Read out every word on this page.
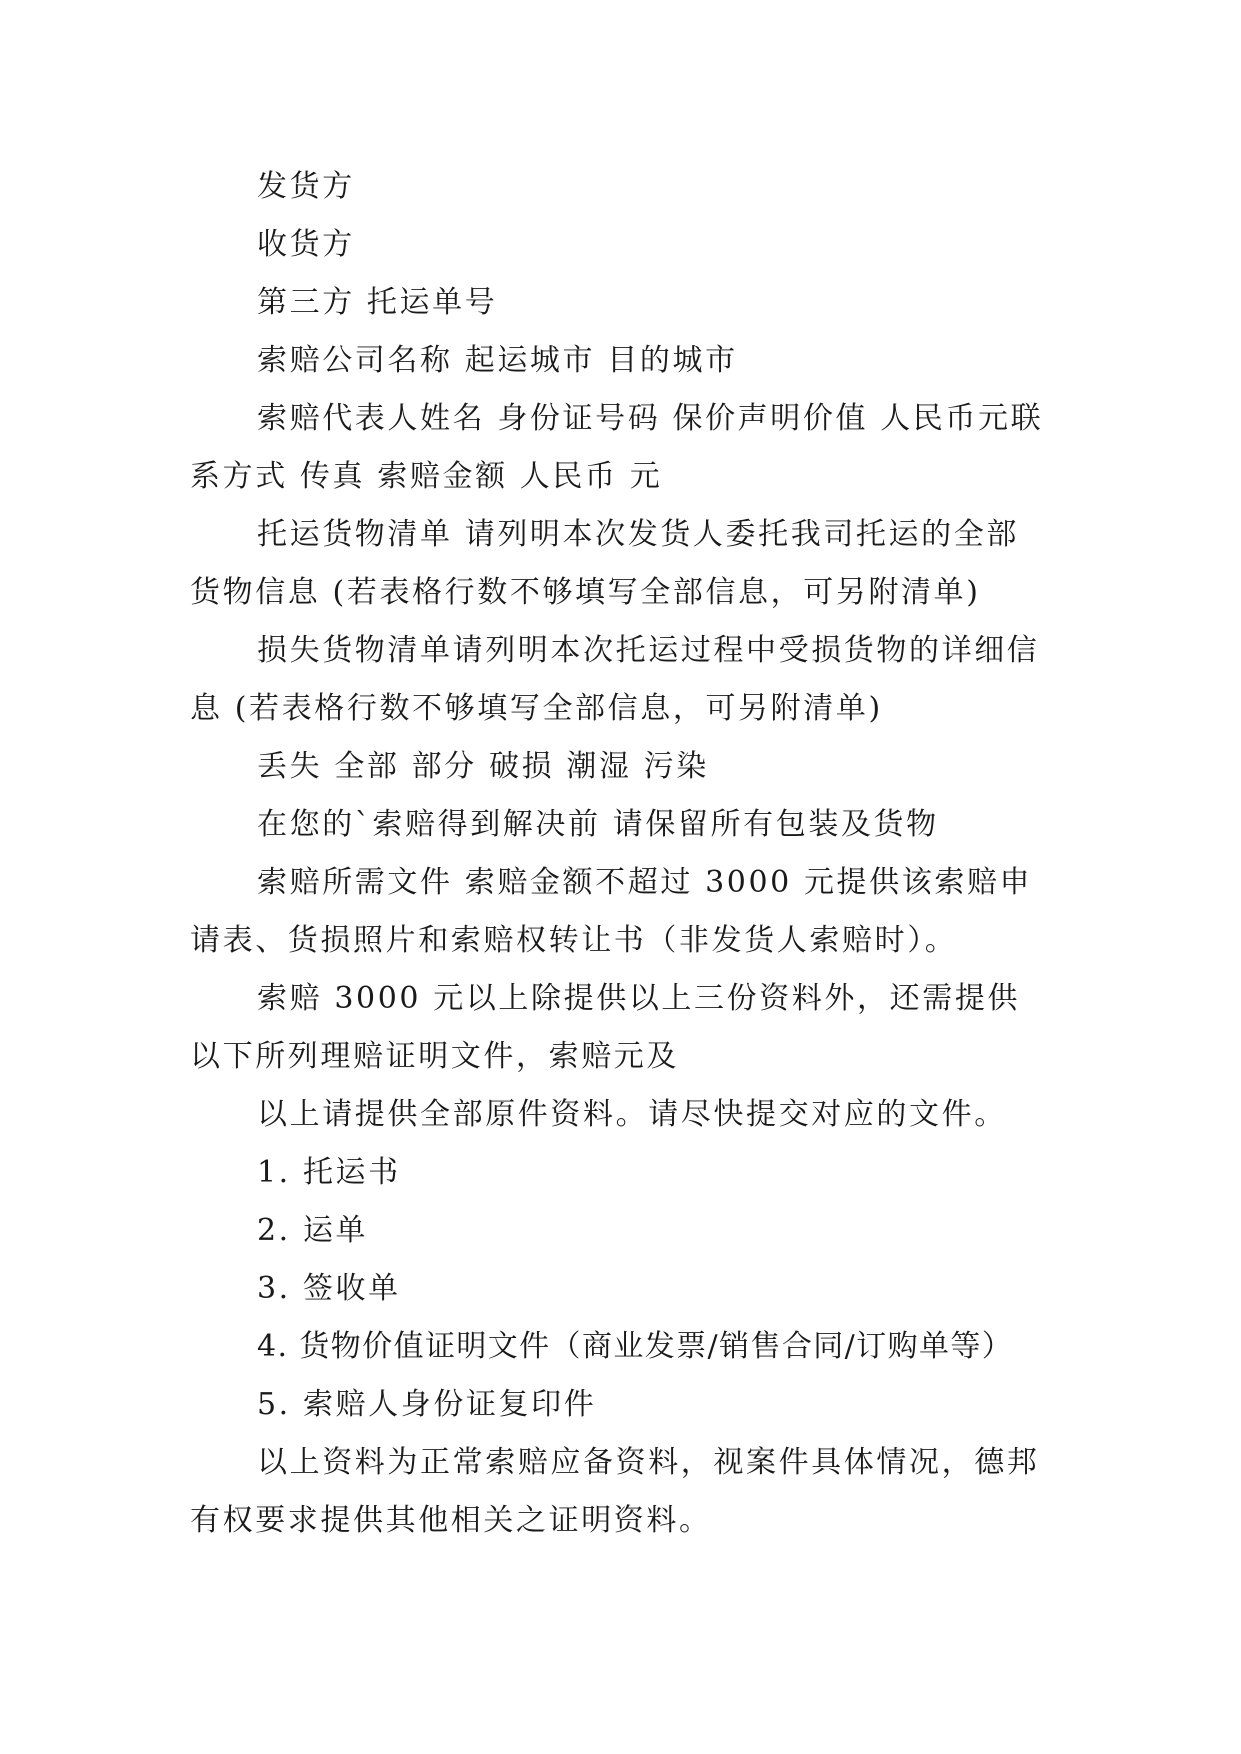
发货方

收货方

第三方 托运单号

索赔公司名称 起运城市 目的城市

索赔代表人姓名 身份证号码 保价声明价值 人民币元联系方式 传真 索赔金额 人民币 元

托运货物清单 请列明本次发货人委托我司托运的全部货物信息 (若表格行数不够填写全部信息，可另附清单)

损失货物清单请列明本次托运过程中受损货物的详细信息 (若表格行数不够填写全部信息，可另附清单)

丢失 全部 部分 破损 潮湿 污染

在您的`索赔得到解决前 请保留所有包装及货物

索赔所需文件 索赔金额不超过 3000 元提供该索赔申请表、货损照片和索赔权转让书（非发货人索赔时）。

索赔 3000 元以上除提供以上三份资料外，还需提供以下所列理赔证明文件，索赔元及

以上请提供全部原件资料。请尽快提交对应的文件。

1. 托运书

2. 运单

3. 签收单

4. 货物价值证明文件（商业发票/销售合同/订购单等）

5. 索赔人身份证复印件

以上资料为正常索赔应备资料，视案件具体情况，德邦有权要求提供其他相关之证明资料。
